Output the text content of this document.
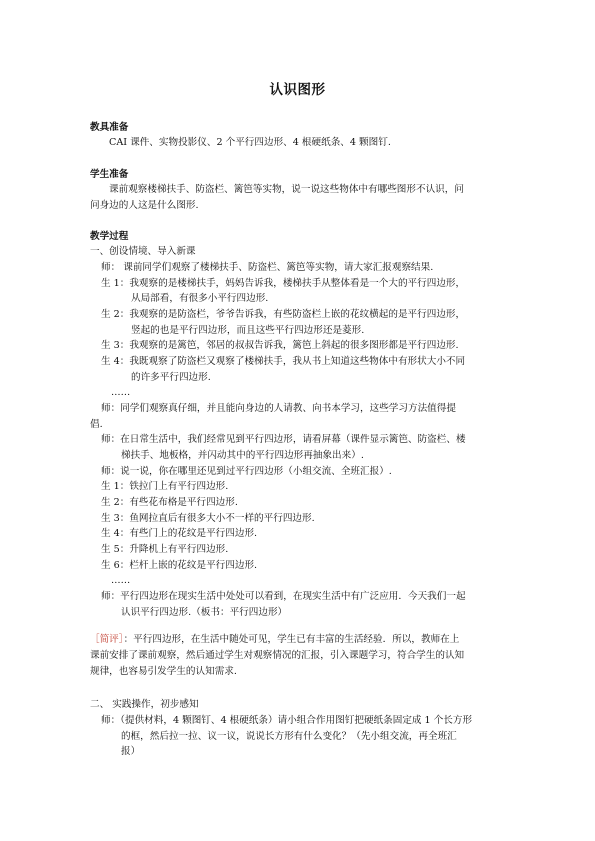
认识图形
教具准备
CAI 课件、实物投影仪、2 个平行四边形、4 根硬纸条、4 颗图钉.
学生准备
课前观察楼梯扶手、防盗栏、篱笆等实物，说一说这些物体中有哪些图形不认识，问
问身边的人这是什么图形.
教学过程
一、创设情境、导入新课
师： 课前同学们观察了楼梯扶手、防盗栏、篱笆等实物，请大家汇报观察结果.
生 1：我观察的是楼梯扶手，妈妈告诉我，楼梯扶手从整体看是一个大的平行四边形，
从局部看，有很多小平行四边形.
生 2：我观察的是防盗栏，爷爷告诉我，有些防盗栏上嵌的花纹横起的是平行四边形，
竖起的也是平行四边形，而且这些平行四边形还是菱形.
生 3：我观察的是篱笆，邻居的叔叔告诉我，篱笆上斜起的很多图形都是平行四边形.
生 4：我既观察了防盗栏又观察了楼梯扶手，我从书上知道这些物体中有形状大小不同
的许多平行四边形.
……
师：同学们观察真仔细，并且能向身边的人请教、向书本学习，这些学习方法值得提
倡.
师：在日常生活中，我们经常见到平行四边形，请看屏幕（课件显示篱笆、防盗栏、楼
梯扶手、地板格，并闪动其中的平行四边形再抽象出来）.
师：说一说，你在哪里还见到过平行四边形（小组交流、全班汇报）.
生 1：铁拉门上有平行四边形.
生 2：有些花布格是平行四边形.
生 3：鱼网拉直后有很多大小不一样的平行四边形.
生 4：有些门上的花纹是平行四边形.
生 5：升降机上有平行四边形.
生 6：栏杆上嵌的花纹是平行四边形.
……
师：平行四边形在现实生活中处处可以看到，在现实生活中有广泛应用．今天我们一起
认识平行四边形.（板书：平行四边形）
［简评］：平行四边形，在生活中随处可见，学生已有丰富的生活经验．所以，教师在上
课前安排了课前观察，然后通过学生对观察情况的汇报，引入课题学习，符合学生的认知
规律，也容易引发学生的认知需求.
二、 实践操作，初步感知
师：（提供材料，4 颗图钉、4 根硬纸条）请小组合作用图钉把硬纸条固定成 1 个长方形
的框，然后拉一拉、议一议，说说长方形有什么变化？（先小组交流，再全班汇
报）
